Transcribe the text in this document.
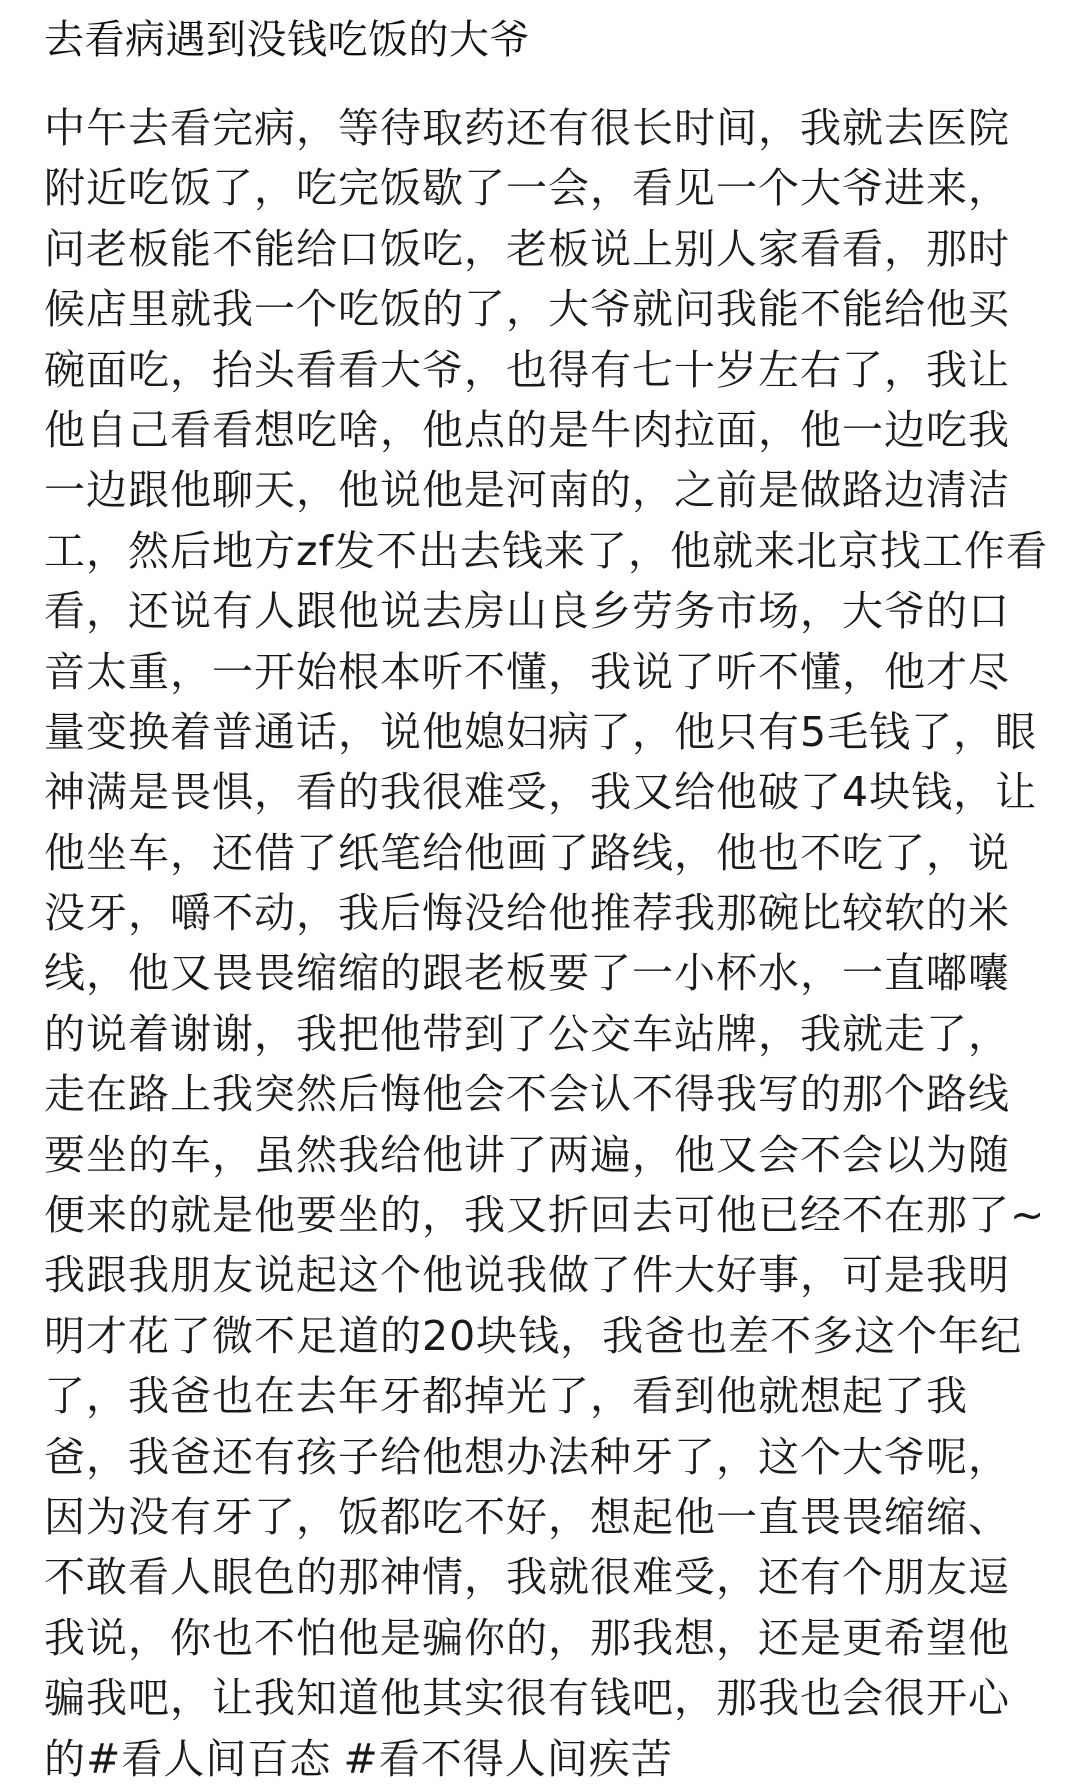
去看病遇到没钱吃饭的大爷
中午去看完病，等待取药还有很长时间，我就去医院
附近吃饭了，吃完饭歇了一会，看见一个大爷进来，
问老板能不能给口饭吃，老板说上别人家看看，那时
候店里就我一个吃饭的了，大爷就问我能不能给他买
碗面吃，抬头看看大爷，也得有七十岁左右了，我让
他自己看看想吃啥，他点的是牛肉拉面，他一边吃我
一边跟他聊天，他说他是河南的，之前是做路边清洁
工，然后地方zf发不出去钱来了，他就来北京找工作看
看，还说有人跟他说去房山良乡劳务市场，大爷的口
音太重，一开始根本听不懂，我说了听不懂，他才尽
量变换着普通话，说他媳妇病了，他只有5毛钱了，眼
神满是畏惧，看的我很难受，我又给他破了4块钱，让
他坐车，还借了纸笔给他画了路线，他也不吃了，说
没牙，嚼不动，我后悔没给他推荐我那碗比较软的米
线，他又畏畏缩缩的跟老板要了一小杯水，一直嘟囔
的说着谢谢，我把他带到了公交车站牌，我就走了，
走在路上我突然后悔他会不会认不得我写的那个路线
要坐的车，虽然我给他讲了两遍，他又会不会以为随
便来的就是他要坐的，我又折回去可他已经不在那了~
我跟我朋友说起这个他说我做了件大好事，可是我明
明才花了微不足道的20块钱，我爸也差不多这个年纪
了，我爸也在去年牙都掉光了，看到他就想起了我
爸，我爸还有孩子给他想办法种牙了，这个大爷呢，
因为没有牙了，饭都吃不好，想起他一直畏畏缩缩、
不敢看人眼色的那神情，我就很难受，还有个朋友逗
我说，你也不怕他是骗你的，那我想，还是更希望他
骗我吧，让我知道他其实很有钱吧，那我也会很开心
的#看人间百态 #看不得人间疾苦
